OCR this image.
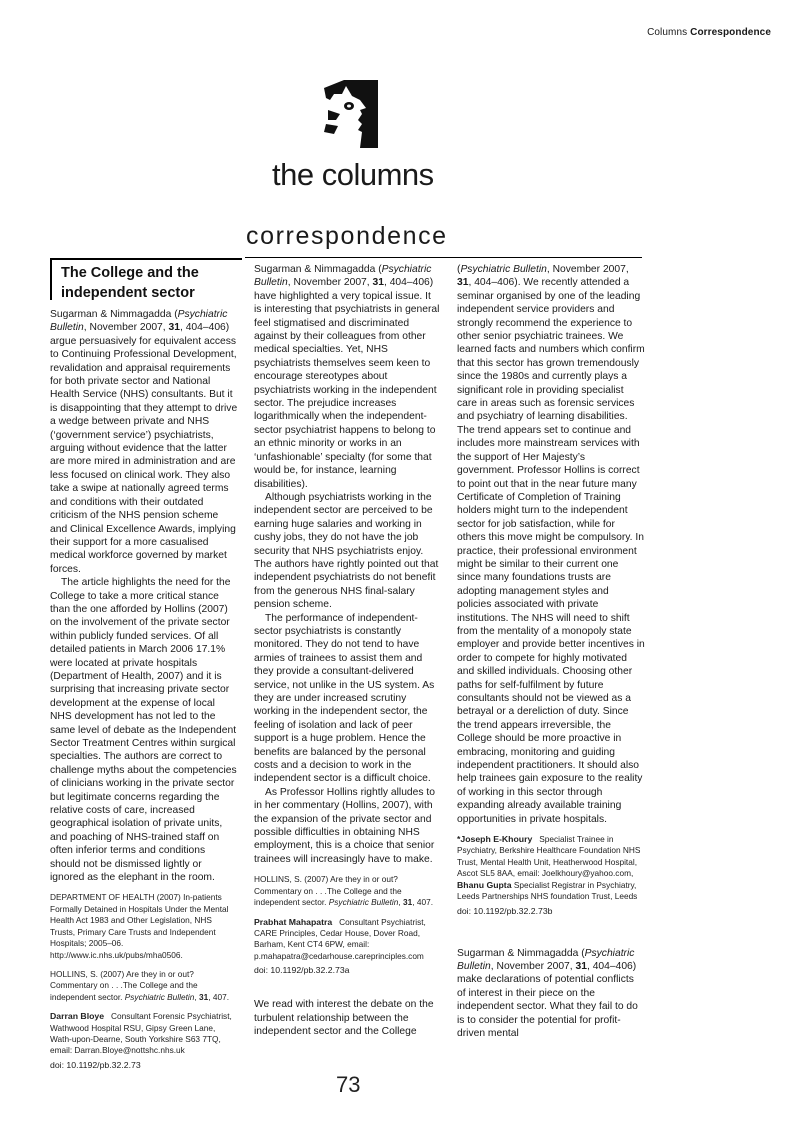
Columns Correspondence
the columns
correspondence
The College and the
independent sector

Sugarman & Nimmagadda (Psychiatric Bulletin, November 2007, 31, 404–406) argue persuasively for equivalent access to Continuing Professional Development, revalidation and appraisal requirements for both private sector and National Health Service (NHS) consultants. But it is disappointing that they attempt to drive a wedge between private and NHS (‘government service’) psychiatrists, arguing without evidence that the latter are more mired in administration and are less focused on clinical work. They also take a swipe at nationally agreed terms and conditions with their outdated criticism of the NHS pension scheme and Clinical Excellence Awards, implying their support for a more casualised medical workforce governed by market forces.

The article highlights the need for the College to take a more critical stance than the one afforded by Hollins (2007) on the involvement of the private sector within publicly funded services. Of all detailed patients in March 2006 17.1% were located at private hospitals (Department of Health, 2007) and it is surprising that increasing private sector development at the expense of local NHS development has not led to the same level of debate as the Independent Sector Treatment Centres within surgical specialties. The authors are correct to challenge myths about the competencies of clinicians working in the private sector but legitimate concerns regarding the relative costs of care, increased geographical isolation of private units, and poaching of NHS-trained staff on often inferior terms and conditions should not be dismissed lightly or ignored as the elephant in the room.

DEPARTMENT OF HEALTH (2007) In-patients Formally Detained in Hospitals Under the Mental Health Act 1983 and Other Legislation, NHS Trusts, Primary Care Trusts and Independent Hospitals; 2005–06. http://www.ic.nhs.uk/pubs/mha0506.

HOLLINS, S. (2007) Are they in or out? Commentary on . . .The College and the independent sector. Psychiatric Bulletin, 31, 407.

Darran Bloye Consultant Forensic Psychiatrist, Wathwood Hospital RSU, Gipsy Green Lane, Wath-upon-Dearne, South Yorkshire S63 7TQ, email: Darran.Bloye@nottshc.nhs.uk

doi: 10.1192/pb.32.2.73

Sugarman & Nimmagadda (Psychiatric Bulletin, November 2007, 31, 404–406) have highlighted a very topical issue. It is interesting that psychiatrists in general feel stigmatised and discriminated against by their colleagues from other medical specialties. Yet, NHS psychiatrists themselves seem keen to encourage stereotypes about psychiatrists working in the independent sector. The prejudice increases logarithmically when the independent-sector psychiatrist happens to belong to an ethnic minority or works in an ‘unfashionable’ specialty (for some that would be, for instance, learning disabilities).

Although psychiatrists working in the independent sector are perceived to be earning huge salaries and working in cushy jobs, they do not have the job security that NHS psychiatrists enjoy. The authors have rightly pointed out that independent psychiatrists do not benefit from the generous NHS final-salary pension scheme.

The performance of independent-sector psychiatrists is constantly monitored. They do not tend to have armies of trainees to assist them and they provide a consultant-delivered service, not unlike in the US system. As they are under increased scrutiny working in the independent sector, the feeling of isolation and lack of peer support is a huge problem. Hence the benefits are balanced by the personal costs and a decision to work in the independent sector is a difficult choice.

As Professor Hollins rightly alludes to in her commentary (Hollins, 2007), with the expansion of the private sector and possible difficulties in obtaining NHS employment, this is a choice that senior trainees will increasingly have to make.

HOLLINS, S. (2007) Are they in or out? Commentary on . . .The College and the independent sector. Psychiatric Bulletin, 31, 407.

Prabhat Mahapatra Consultant Psychiatrist, CARE Principles, Cedar House, Dover Road, Barham, Kent CT4 6PW, email: p.mahapatra@cedarhouse.careprinciples.com

doi: 10.1192/pb.32.2.73a

We read with interest the debate on the turbulent relationship between the independent sector and the College

(Psychiatric Bulletin, November 2007, 31, 404–406). We recently attended a seminar organised by one of the leading independent service providers and strongly recommend the experience to other senior psychiatric trainees. We learned facts and numbers which confirm that this sector has grown tremendously since the 1980s and currently plays a significant role in providing specialist care in areas such as forensic services and psychiatry of learning disabilities. The trend appears set to continue and includes more mainstream services with the support of Her Majesty’s government. Professor Hollins is correct to point out that in the near future many Certificate of Completion of Training holders might turn to the independent sector for job satisfaction, while for others this move might be compulsory. In practice, their professional environment might be similar to their current one since many foundations trusts are adopting management styles and policies associated with private institutions. The NHS will need to shift from the mentality of a monopoly state employer and provide better incentives in order to compete for highly motivated and skilled individuals. Choosing other paths for self-fulfilment by future consultants should not be viewed as a betrayal or a dereliction of duty. Since the trend appears irreversible, the College should be more proactive in embracing, monitoring and guiding independent practitioners. It should also help trainees gain exposure to the reality of working in this sector through expanding already available training opportunities in private hospitals.

*Joseph E-Khoury Specialist Trainee in Psychiatry, Berkshire Healthcare Foundation NHS Trust, Mental Health Unit, Heatherwood Hospital, Ascot SL5 8AA, email: Joelkhoury@yahoo.com,   Bhanu Gupta Specialist Registrar in Psychiatry, Leeds Partnerships NHS foundation Trust, Leeds

doi: 10.1192/pb.32.2.73b

Sugarman & Nimmagadda (Psychiatric Bulletin, November 2007, 31, 404–406) make declarations of potential conflicts of interest in their piece on the independent sector. What they fail to do is to consider the potential for profit-driven mental

73
